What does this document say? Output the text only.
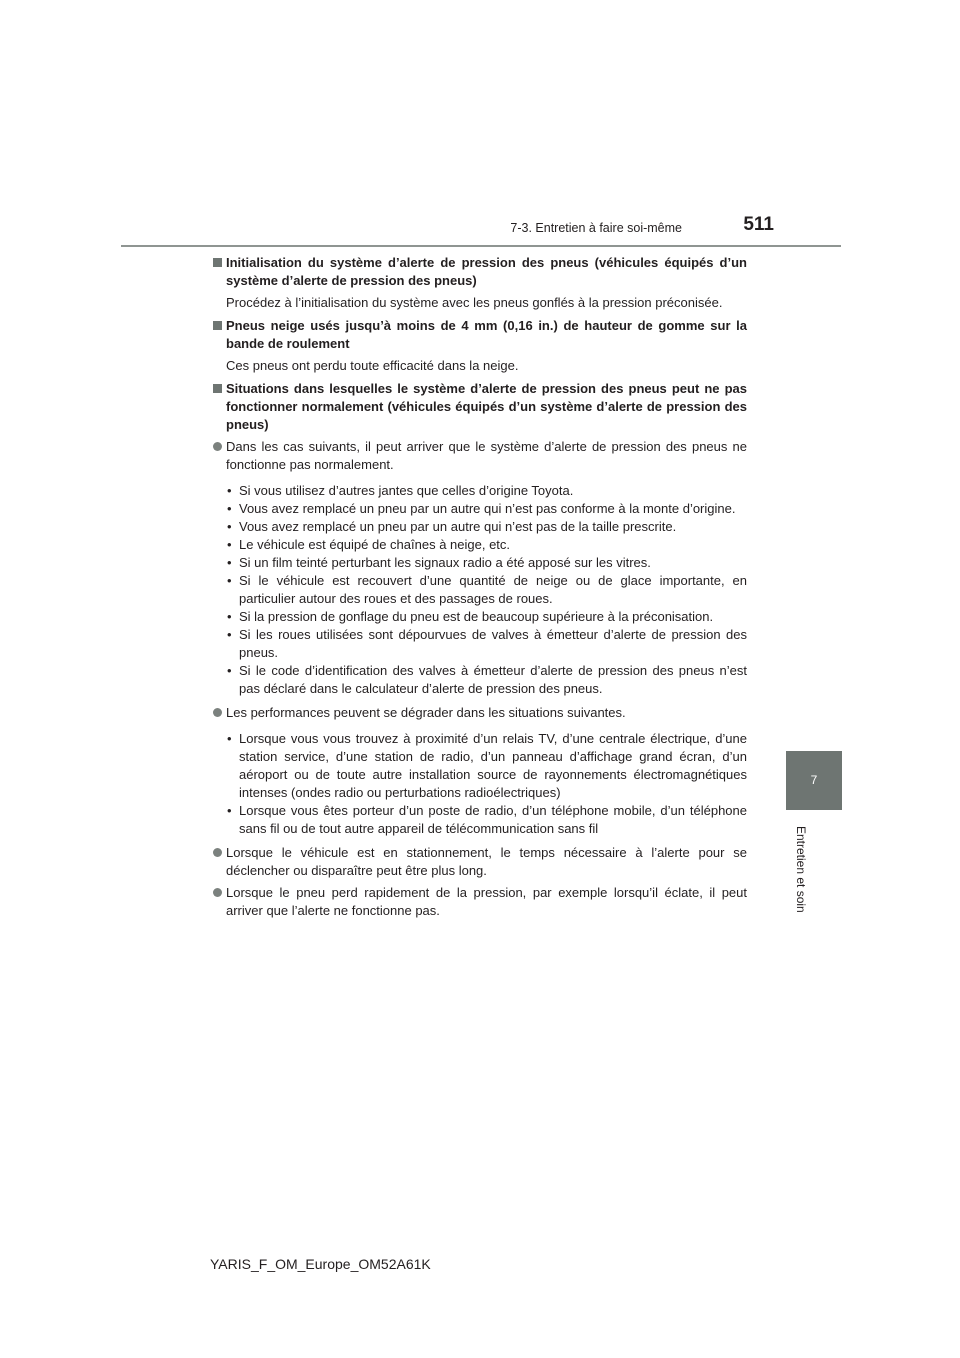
7-3. Entretien à faire soi-même	511
7
Entretien et soin
Initialisation du système d’alerte de pression des pneus (véhicules équipés d’un système d’alerte de pression des pneus)
Procédez à l’initialisation du système avec les pneus gonflés à la pression préconisée.
Pneus neige usés jusqu’à moins de 4 mm (0,16 in.) de hauteur de gomme sur la bande de roulement
Ces pneus ont perdu toute efficacité dans la neige.
Situations dans lesquelles le système d’alerte de pression des pneus peut ne pas fonctionner normalement (véhicules équipés d’un système d’alerte de pression des pneus)
Dans les cas suivants, il peut arriver que le système d’alerte de pression des pneus ne fonctionne pas normalement.
• Si vous utilisez d’autres jantes que celles d’origine Toyota.
• Vous avez remplacé un pneu par un autre qui n’est pas conforme à la monte d’origine.
• Vous avez remplacé un pneu par un autre qui n’est pas de la taille prescrite.
• Le véhicule est équipé de chaînes à neige, etc.
• Si un film teinté perturbant les signaux radio a été apposé sur les vitres.
• Si le véhicule est recouvert d’une quantité de neige ou de glace importante, en particulier autour des roues et des passages de roues.
• Si la pression de gonflage du pneu est de beaucoup supérieure à la préconisation.
• Si les roues utilisées sont dépourvues de valves à émetteur d’alerte de pression des pneus.
• Si le code d’identification des valves à émetteur d’alerte de pression des pneus n’est pas déclaré dans le calculateur d’alerte de pression des pneus.
Les performances peuvent se dégrader dans les situations suivantes.
• Lorsque vous vous trouvez à proximité d’un relais TV, d’une centrale électrique, d’une station service, d’une station de radio, d’un panneau d’affichage grand écran, d’un aéroport ou de toute autre installation source de rayonnements électromagnétiques intenses (ondes radio ou perturbations radioélectriques)
• Lorsque vous êtes porteur d’un poste de radio, d’un téléphone mobile, d’un téléphone sans fil ou de tout autre appareil de télécommunication sans fil
Lorsque le véhicule est en stationnement, le temps nécessaire à l’alerte pour se déclencher ou disparaître peut être plus long.
Lorsque le pneu perd rapidement de la pression, par exemple lorsqu’il éclate, il peut arriver que l’alerte ne fonctionne pas.
YARIS_F_OM_Europe_OM52A61K
